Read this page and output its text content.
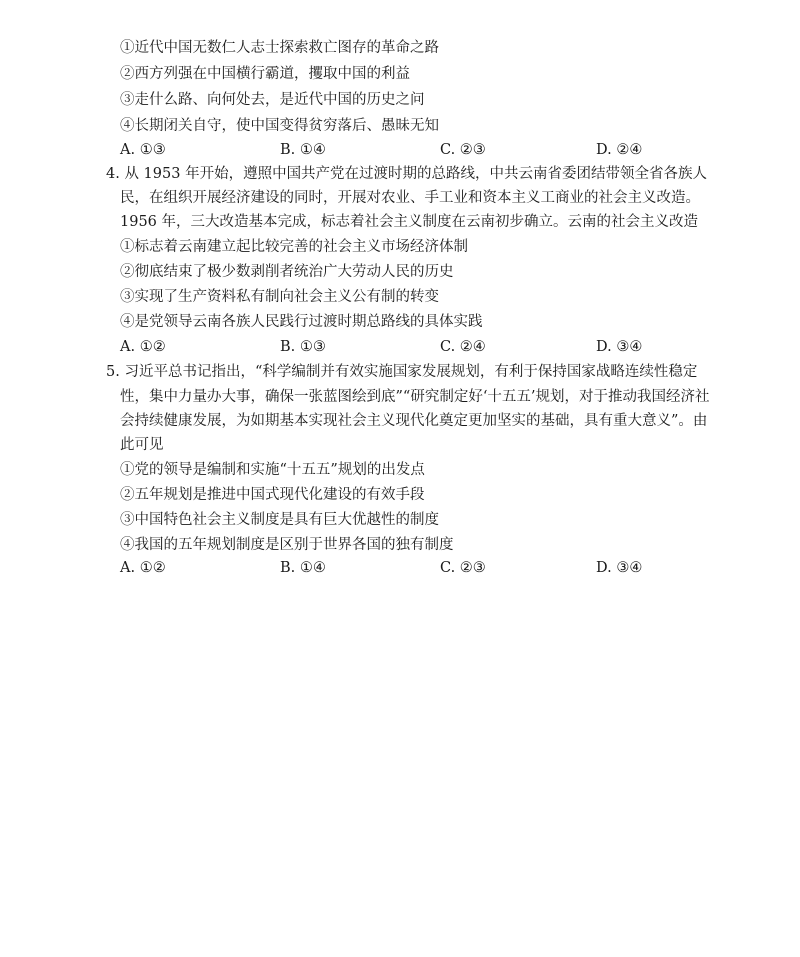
①近代中国无数仁人志士探索救亡图存的革命之路
②西方列强在中国横行霸道，攫取中国的利益
③走什么路、向何处去，是近代中国的历史之问
④长期闭关自守，使中国变得贫穷落后、愚昧无知
A. ①③	B. ①④	C. ②③	D. ②④
4. 从 1953 年开始，遵照中国共产党在过渡时期的总路线，中共云南省委团结带领全省各族人
民，在组织开展经济建设的同时，开展对农业、手工业和资本主义工商业的社会主义改造。
1956 年，三大改造基本完成，标志着社会主义制度在云南初步确立。云南的社会主义改造
①标志着云南建立起比较完善的社会主义市场经济体制
②彻底结束了极少数剥削者统治广大劳动人民的历史
③实现了生产资料私有制向社会主义公有制的转变
④是党领导云南各族人民践行过渡时期总路线的具体实践
A. ①②	B. ①③	C. ②④	D. ③④
5. 习近平总书记指出，“科学编制并有效实施国家发展规划，有利于保持国家战略连续性稳定
性，集中力量办大事，确保一张蓝图绘到底”“研究制定好‘十五五’规划，对于推动我国经济社
会持续健康发展，为如期基本实现社会主义现代化奠定更加坚实的基础，具有重大意义”。由
此可见
①党的领导是编制和实施“十五五”规划的出发点
②五年规划是推进中国式现代化建设的有效手段
③中国特色社会主义制度是具有巨大优越性的制度
④我国的五年规划制度是区别于世界各国的独有制度
A. ①②	B. ①④	C. ②③	D. ③④
